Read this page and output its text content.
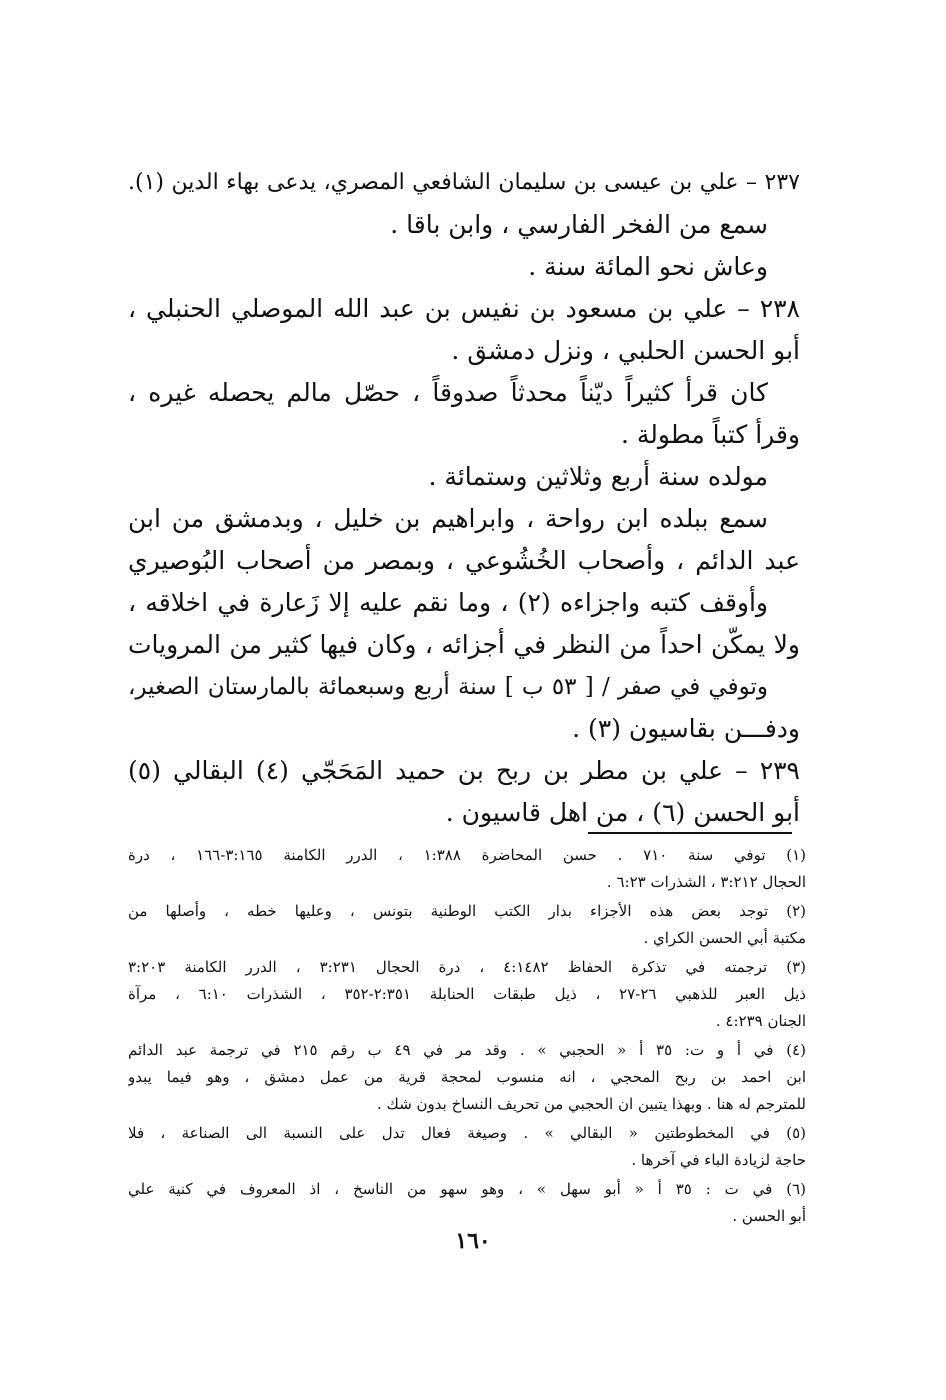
٢٣٧ – علي بن عيسى بن سليمان الشافعي المصري، يدعى بهاء الدين (١).
سمع من الفخر الفارسي ، وابن باقا .
وعاش نحو المائة سنة .
٢٣٨ – علي بن مسعود بن نفيس بن عبد الله الموصلي الحنبلي ،
أبو الحسن الحلبي ، ونزل دمشق .
كان قرأ كثيراً ديّناً محدثاً صدوقاً ، حصّل مالم يحصله غيره ،
وقرأ كتباً مطولة .
مولده سنة أربع وثلاثين وستمائة .
سمع ببلده ابن رواحة ، وابراهيم بن خليل ، وبدمشق من ابن
عبد الدائم ، وأصحاب الخُشُوعي ، وبمصر من أصحاب البُوصيري
وأوقف كتبه واجزاءه (٢) ، وما نقم عليه إلا زَعارة في اخلاقه ،
ولا يمكّن احداً من النظر في أجزائه ، وكان فيها كثير من المرويات
وتوفي في صفر / [ ٥٣ ب ] سنة أربع وسبعمائة بالمارستان الصغير،
ودفـــن بقاسيون (٣) .
٢٣٩ – علي بن مطر بن ربح بن حميد المَحَجّي (٤) البقالي (٥)
أبو الحسن (٦) ، من اهل قاسيون .
(١) توفي سنة ٧١٠ . حسن المحاضرة ١:٣٨٨ ، الدرر الكامنة ٣:١٦٥-١٦٦ ، درة
الحجال ٣:٢١٢ ، الشذرات ٦:٢٣ .
(٢) توجد بعض هذه الأجزاء بدار الكتب الوطنية بتونس ، وعليها خطه ، وأصلها من
مكتبة أبي الحسن الكراي .
(٣) ترجمته في تذكرة الحفاظ ٤:١٤٨٢ ، درة الحجال ٣:٢٣١ ، الدرر الكامنة ٣:٢٠٣
ذيل العبر للذهبي ٢٦-٢٧ ، ذيل طبقات الحنابلة ٢:٣٥١-٣٥٢ ، الشذرات ٦:١٠ ، مرآة
الجنان ٤:٢٣٩ .
(٤) في أ و ت: ٣٥ أ « الحجبي » . وقد مر في ٤٩ ب رقم ٢١٥ في ترجمة عبد الدائم
ابن احمد بن ربح المحجي ، انه منسوب لمحجة قرية من عمل دمشق ، وهو فيما يبدو
للمترجم له هنا . وبهذا يتبين ان الحجبي من تحريف النساخ بدون شك .
(٥) في المخطوطتين « البقالي » . وصيغة فعال تدل على النسبة الى الصناعة ، فلا
حاجة لزيادة الباء في آخرها .
(٦) في ت : ٣٥ أ « أبو سهل » ، وهو سهو من الناسخ ، اذ المعروف في كنية علي
أبو الحسن .
١٦٠
